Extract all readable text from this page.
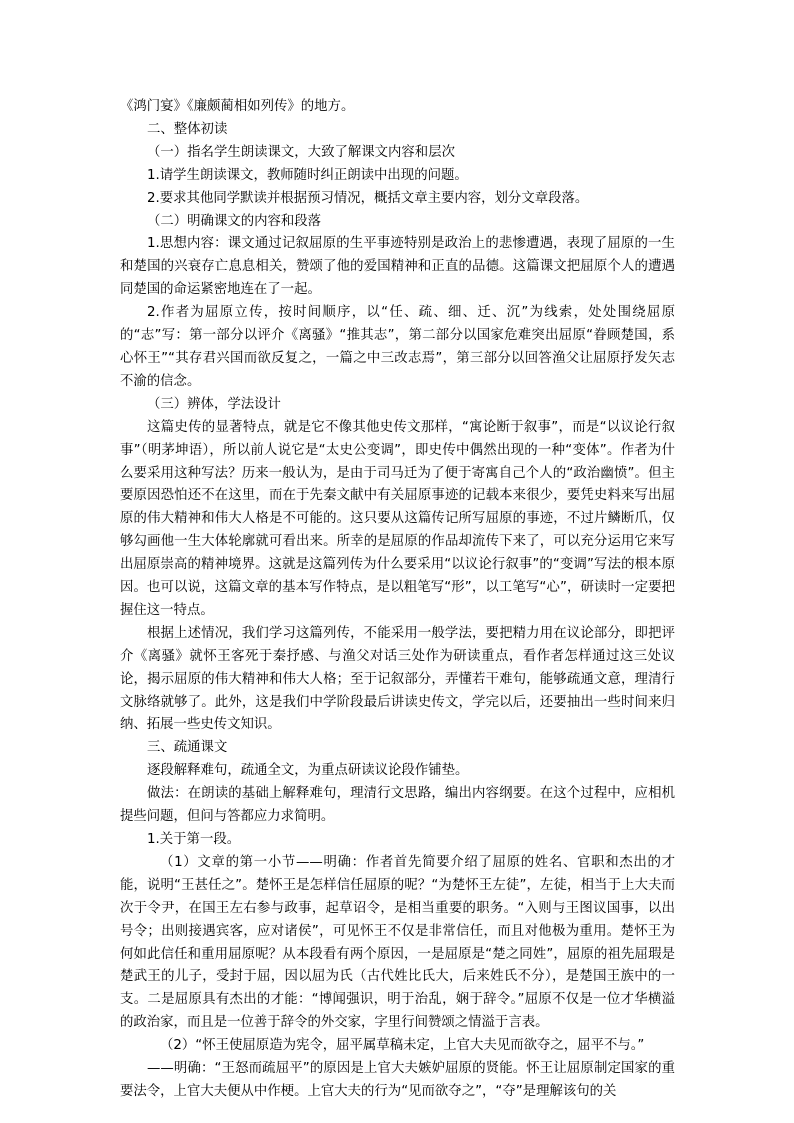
《鸿门宴》《廉颇蔺相如列传》的地方。

二、整体初读

（一）指名学生朗读课文，大致了解课文内容和层次

1.请学生朗读课文，教师随时纠正朗读中出现的问题。

2.要求其他同学默读并根据预习情况，概括文章主要内容，划分文章段落。

（二）明确课文的内容和段落

1.思想内容：课文通过记叙屈原的生平事迹特别是政治上的悲惨遭遇，表现了屈原的一生和楚国的兴衰存亡息息相关，赞颂了他的爱国精神和正直的品德。这篇课文把屈原个人的遭遇同楚国的命运紧密地连在了一起。

2.作者为屈原立传，按时间顺序，以“任、疏、细、迁、沉”为线索，处处围绕屈原的“志”写：第一部分以评介《离骚》“推其志”，第二部分以国家危难突出屈原“眷顾楚国，系心怀王”“其存君兴国而欲反复之，一篇之中三改志焉”，第三部分以回答渔父让屈原抒发矢志不渝的信念。

（三）辨体，学法设计

这篇史传的显著特点，就是它不像其他史传文那样，“寓论断于叙事”，而是“以议论行叙事”（明茅坤语），所以前人说它是“太史公变调”，即史传中偶然出现的一种“变体”。作者为什么要采用这种写法？历来一般认为，是由于司马迁为了便于寄寓自己个人的“政治幽愤”。但主要原因恐怕还不在这里，而在于先秦文献中有关屈原事迹的记载本来很少，要凭史料来写出屈原的伟大精神和伟大人格是不可能的。这只要从这篇传记所写屈原的事迹，不过片鳞断爪，仅够勾画他一生大体轮廓就可看出来。所幸的是屈原的作品却流传下来了，可以充分运用它来写出屈原崇高的精神境界。这就是这篇列传为什么要采用“以议论行叙事”的“变调”写法的根本原因。也可以说，这篇文章的基本写作特点，是以粗笔写“形”，以工笔写“心”，研读时一定要把握住这一特点。

根据上述情况，我们学习这篇列传，不能采用一般学法，要把精力用在议论部分，即把评介《离骚》就怀王客死于秦抒感、与渔父对话三处作为研读重点，看作者怎样通过这三处议论，揭示屈原的伟大精神和伟大人格；至于记叙部分，弄懂若干难句，能够疏通文意，理清行文脉络就够了。此外，这是我们中学阶段最后讲读史传文，学完以后，还要抽出一些时间来归纳、拓展一些史传文知识。

三、疏通课文

逐段解释难句，疏通全文，为重点研读议论段作铺垫。

做法：在朗读的基础上解释难句，理清行文思路，编出内容纲要。在这个过程中，应相机提些问题，但问与答都应力求简明。

1.关于第一段。

（1）文章的第一小节——明确：作者首先简要介绍了屈原的姓名、官职和杰出的才能，说明“王甚任之”。楚怀王是怎样信任屈原的呢？“为楚怀王左徒”，左徒，相当于上大夫而次于令尹，在国王左右参与政事，起草诏令，是相当重要的职务。“入则与王图议国事，以出号令；出则接遇宾客，应对诸侯”，可见怀王不仅是非常信任，而且对他极为重用。楚怀王为何如此信任和重用屈原呢？从本段看有两个原因，一是屈原是“楚之同姓”，屈原的祖先屈瑕是楚武王的儿子，受封于屈，因以屈为氏（古代姓比氏大，后来姓氏不分），是楚国王族中的一支。二是屈原具有杰出的才能：“博闻强识，明于治乱，娴于辞令。”屈原不仅是一位才华横溢的政治家，而且是一位善于辞令的外交家，字里行间赞颂之情溢于言表。

（2）“怀王使屈原造为宪令，屈平属草稿未定，上官大夫见而欲夺之，屈平不与。”

——明确：“王怒而疏屈平”的原因是上官大夫嫉妒屈原的贤能。怀王让屈原制定国家的重要法令，上官大夫便从中作梗。上官大夫的行为“见而欲夺之”，“夺”是理解该句的关
